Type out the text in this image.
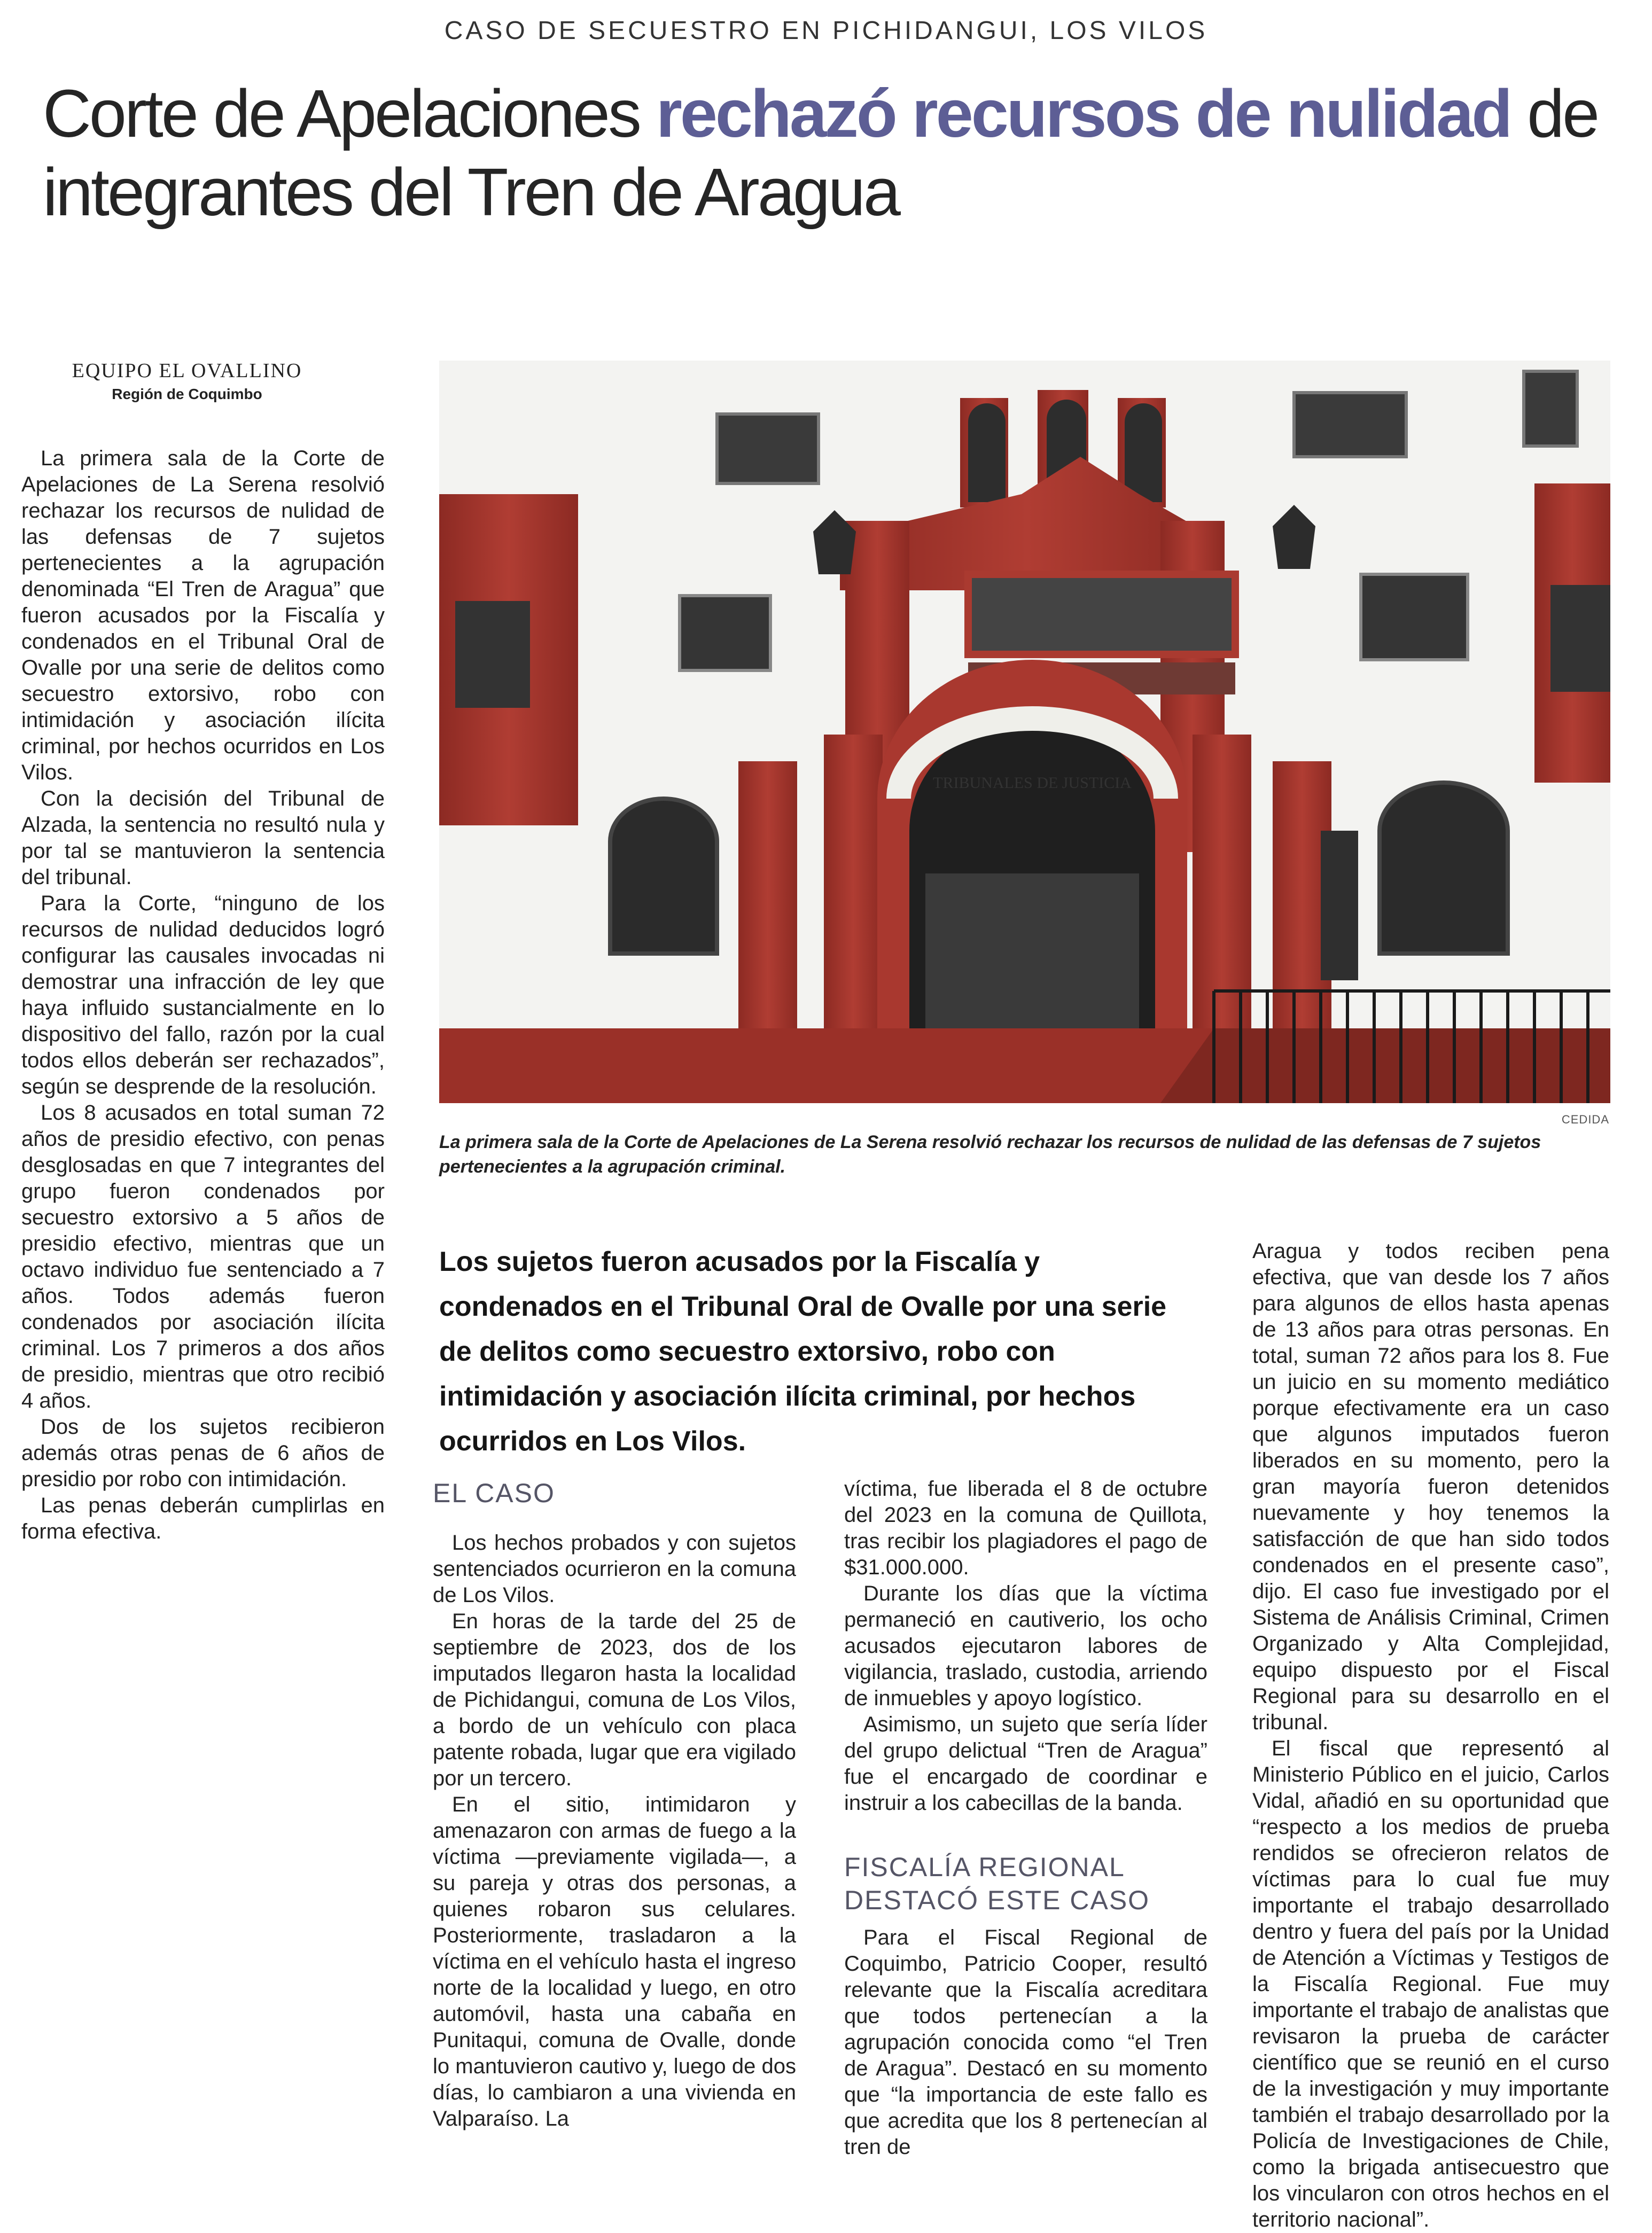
CASO DE SECUESTRO EN PICHIDANGUI, LOS VILOS
Corte de Apelaciones rechazó recursos de nulidad de integrantes del Tren de Aragua
EQUIPO EL OVALLINO
Región de Coquimbo

La primera sala de la Corte de Apelaciones de La Serena resolvió rechazar los recursos de nulidad de las defensas de 7 sujetos pertenecientes a la agrupación denominada “El Tren de Aragua” que fueron acusados por la Fiscalía y condenados en el Tribunal Oral de Ovalle por una serie de delitos como secuestro extorsivo, robo con intimidación y asociación ilícita criminal, por hechos ocurridos en Los Vilos.

Con la decisión del Tribunal de Alzada, la sentencia no resultó nula y por tal se mantuvieron la sentencia del tribunal.

Para la Corte, “ninguno de los recursos de nulidad deducidos logró configurar las causales invocadas ni demostrar una infracción de ley que haya influido sustancialmente en lo dispositivo del fallo, razón por la cual todos ellos deberán ser rechazados”, según se desprende de la resolución.

Los 8 acusados en total suman 72 años de presidio efectivo, con penas desglosadas en que 7 integrantes del grupo fueron condenados por secuestro extorsivo a 5 años de presidio efectivo, mientras que un octavo individuo fue sentenciado a 7 años. Todos además fueron condenados por asociación ilícita criminal. Los 7 primeros a dos años de presidio, mientras que otro recibió 4 años.

Dos de los sujetos recibieron además otras penas de 6 años de presidio por robo con intimidación.

Las penas deberán cumplirlas en forma efectiva.

TRIBUNALES DE JUSTICIA
CEDIDA
La primera sala de la Corte de Apelaciones de La Serena resolvió rechazar los recursos de nulidad de las defensas de 7 sujetos pertenecientes a la agrupación criminal.
Los sujetos fueron acusados por la Fiscalía y condenados en el Tribunal Oral de Ovalle por una serie de delitos como secuestro extorsivo, robo con intimidación y asociación ilícita criminal, por hechos ocurridos en Los Vilos.
EL CASO

Los hechos probados y con sujetos sentenciados ocurrieron en la comuna de Los Vilos.

En horas de la tarde del 25 de septiembre de 2023, dos de los imputados llegaron hasta la localidad de Pichidangui, comuna de Los Vilos, a bordo de un vehículo con placa patente robada, lugar que era vigilado por un tercero.

En el sitio, intimidaron y amenazaron con armas de fuego a la víctima —previamente vigilada—, a su pareja y otras dos personas, a quienes robaron sus celulares. Posteriormente, trasladaron a la víctima en el vehículo hasta el ingreso norte de la localidad y luego, en otro automóvil, hasta una cabaña en Punitaqui, comuna de Ovalle, donde lo mantuvieron cautivo y, luego de dos días, lo cambiaron a una vivienda en Valparaíso. La

víctima, fue liberada el 8 de octubre del 2023 en la comuna de Quillota, tras recibir los plagiadores el pago de $31.000.000.

Durante los días que la víctima permaneció en cautiverio, los ocho acusados ejecutaron labores de vigilancia, traslado, custodia, arriendo de inmuebles y apoyo logístico.

Asimismo, un sujeto que sería líder del grupo delictual “Tren de Aragua” fue el encargado de coordinar e instruir a los cabecillas de la banda.

FISCALÍA REGIONAL
DESTACÓ ESTE CASO

Para el Fiscal Regional de Coquimbo, Patricio Cooper, resultó relevante que la Fiscalía acreditara que todos pertenecían a la agrupación conocida como “el Tren de Aragua”. Destacó en su momento que “la importancia de este fallo es que acredita que los 8 pertenecían al tren de

Aragua y todos reciben pena efectiva, que van desde los 7 años para algunos de ellos hasta apenas de 13 años para otras personas. En total, suman 72 años para los 8. Fue un juicio en su momento mediático porque efectivamente era un caso que algunos imputados fueron liberados en su momento, pero la gran mayoría fueron detenidos nuevamente y hoy tenemos la satisfacción de que han sido todos condenados en el presente caso”, dijo. El caso fue investigado por el Sistema de Análisis Criminal, Crimen Organizado y Alta Complejidad, equipo dispuesto por el Fiscal Regional para su desarrollo en el tribunal.

El fiscal que representó al Ministerio Público en el juicio, Carlos Vidal, añadió en su oportunidad que “respecto a los medios de prueba rendidos se ofrecieron relatos de víctimas para lo cual fue muy importante el trabajo desarrollado dentro y fuera del país por la Unidad de Atención a Víctimas y Testigos de la Fiscalía Regional. Fue muy importante el trabajo de analistas que revisaron la prueba de carácter científico que se reunió en el curso de la investigación y muy importante también el trabajo desarrollado por la Policía de Investigaciones de Chile, como la brigada antisecuestro que los vincularon con otros hechos en el territorio nacional”.
